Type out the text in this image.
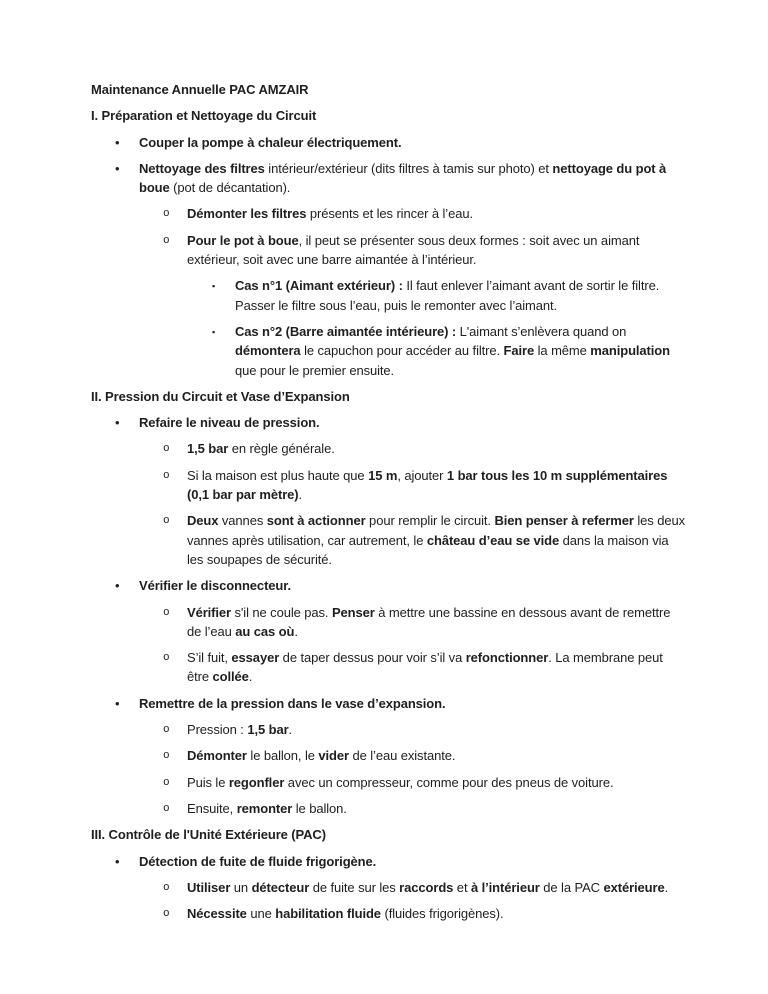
Maintenance Annuelle PAC AMZAIR

I. Préparation et Nettoyage du Circuit

• Couper la pompe à chaleur électriquement.

• Nettoyage des filtres intérieur/extérieur (dits filtres à tamis sur photo) et nettoyage du pot à boue (pot de décantation).

o Démonter les filtres présents et les rincer à l’eau.

o Pour le pot à boue, il peut se présenter sous deux formes : soit avec un aimant extérieur, soit avec une barre aimantée à l’intérieur.

▪ Cas n°1 (Aimant extérieur) : Il faut enlever l’aimant avant de sortir le filtre. Passer le filtre sous l’eau, puis le remonter avec l’aimant.

▪ Cas n°2 (Barre aimantée intérieure) : L'aimant s’enlèvera quand on démontera le capuchon pour accéder au filtre. Faire la même manipulation que pour le premier ensuite.

II. Pression du Circuit et Vase d’Expansion

• Refaire le niveau de pression.

o 1,5 bar en règle générale.

o Si la maison est plus haute que 15 m, ajouter 1 bar tous les 10 m supplémentaires (0,1 bar par mètre).

o Deux vannes sont à actionner pour remplir le circuit. Bien penser à refermer les deux vannes après utilisation, car autrement, le château d’eau se vide dans la maison via les soupapes de sécurité.

• Vérifier le disconnecteur.

o Vérifier s'il ne coule pas. Penser à mettre une bassine en dessous avant de remettre de l’eau au cas où.

o S’il fuit, essayer de taper dessus pour voir s’il va refonctionner. La membrane peut être collée.

• Remettre de la pression dans le vase d’expansion.

o Pression : 1,5 bar.

o Démonter le ballon, le vider de l’eau existante.

o Puis le regonfler avec un compresseur, comme pour des pneus de voiture.

o Ensuite, remonter le ballon.

III. Contrôle de l'Unité Extérieure (PAC)

• Détection de fuite de fluide frigorigène.

o Utiliser un détecteur de fuite sur les raccords et à l’intérieur de la PAC extérieure.

o Nécessite une habilitation fluide (fluides frigorigènes).
